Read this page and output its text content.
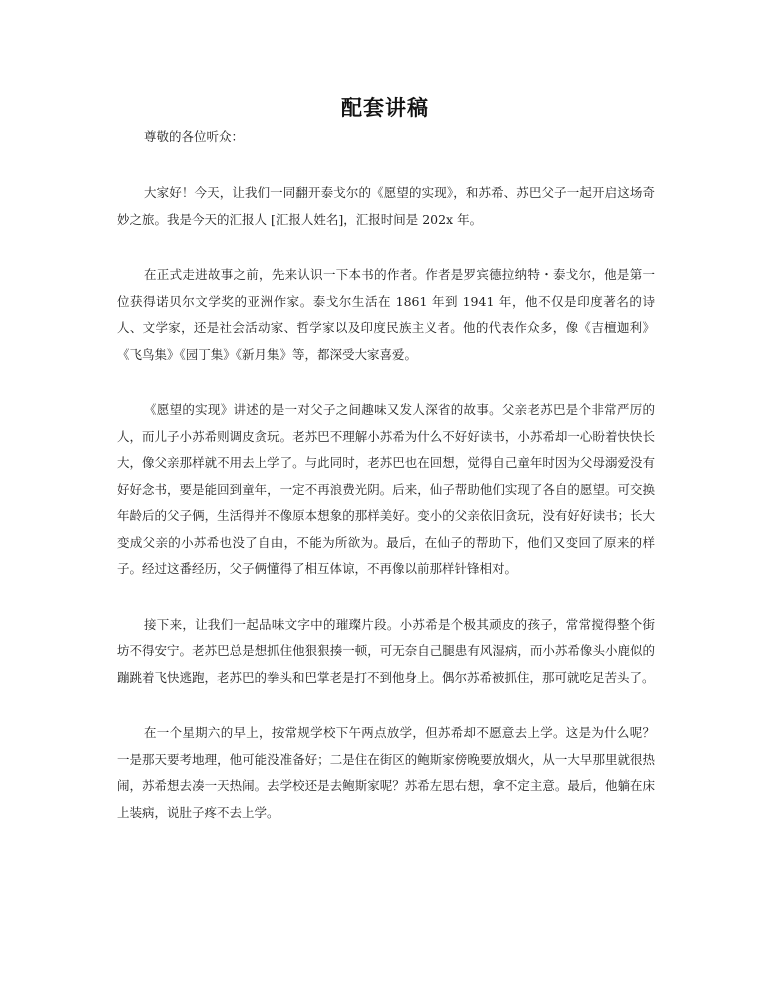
配套讲稿

尊敬的各位听众：

大家好！今天，让我们一同翻开泰戈尔的《愿望的实现》，和苏希、苏巴父子一起开启这场奇妙之旅。我是今天的汇报人 [汇报人姓名]，汇报时间是 202x 年。

在正式走进故事之前，先来认识一下本书的作者。作者是罗宾德拉纳特・泰戈尔，他是第一位获得诺贝尔文学奖的亚洲作家。泰戈尔生活在 1861 年到 1941 年，他不仅是印度著名的诗人、文学家，还是社会活动家、哲学家以及印度民族主义者。他的代表作众多，像《吉檀迦利》《飞鸟集》《园丁集》《新月集》等，都深受大家喜爱。

《愿望的实现》讲述的是一对父子之间趣味又发人深省的故事。父亲老苏巴是个非常严厉的人，而儿子小苏希则调皮贪玩。老苏巴不理解小苏希为什么不好好读书，小苏希却一心盼着快快长大，像父亲那样就不用去上学了。与此同时，老苏巴也在回想，觉得自己童年时因为父母溺爱没有好好念书，要是能回到童年，一定不再浪费光阴。后来，仙子帮助他们实现了各自的愿望。可交换年龄后的父子俩，生活得并不像原本想象的那样美好。变小的父亲依旧贪玩，没有好好读书；长大变成父亲的小苏希也没了自由，不能为所欲为。最后，在仙子的帮助下，他们又变回了原来的样子。经过这番经历，父子俩懂得了相互体谅，不再像以前那样针锋相对。

接下来，让我们一起品味文字中的璀璨片段。小苏希是个极其顽皮的孩子，常常搅得整个街坊不得安宁。老苏巴总是想抓住他狠狠揍一顿，可无奈自己腿患有风湿病，而小苏希像头小鹿似的蹦跳着飞快逃跑，老苏巴的拳头和巴掌老是打不到他身上。偶尔苏希被抓住，那可就吃足苦头了。

在一个星期六的早上，按常规学校下午两点放学，但苏希却不愿意去上学。这是为什么呢？一是那天要考地理，他可能没准备好；二是住在街区的鲍斯家傍晚要放烟火，从一大早那里就很热闹，苏希想去凑一天热闹。去学校还是去鲍斯家呢？苏希左思右想，拿不定主意。最后，他躺在床上装病，说肚子疼不去上学。
